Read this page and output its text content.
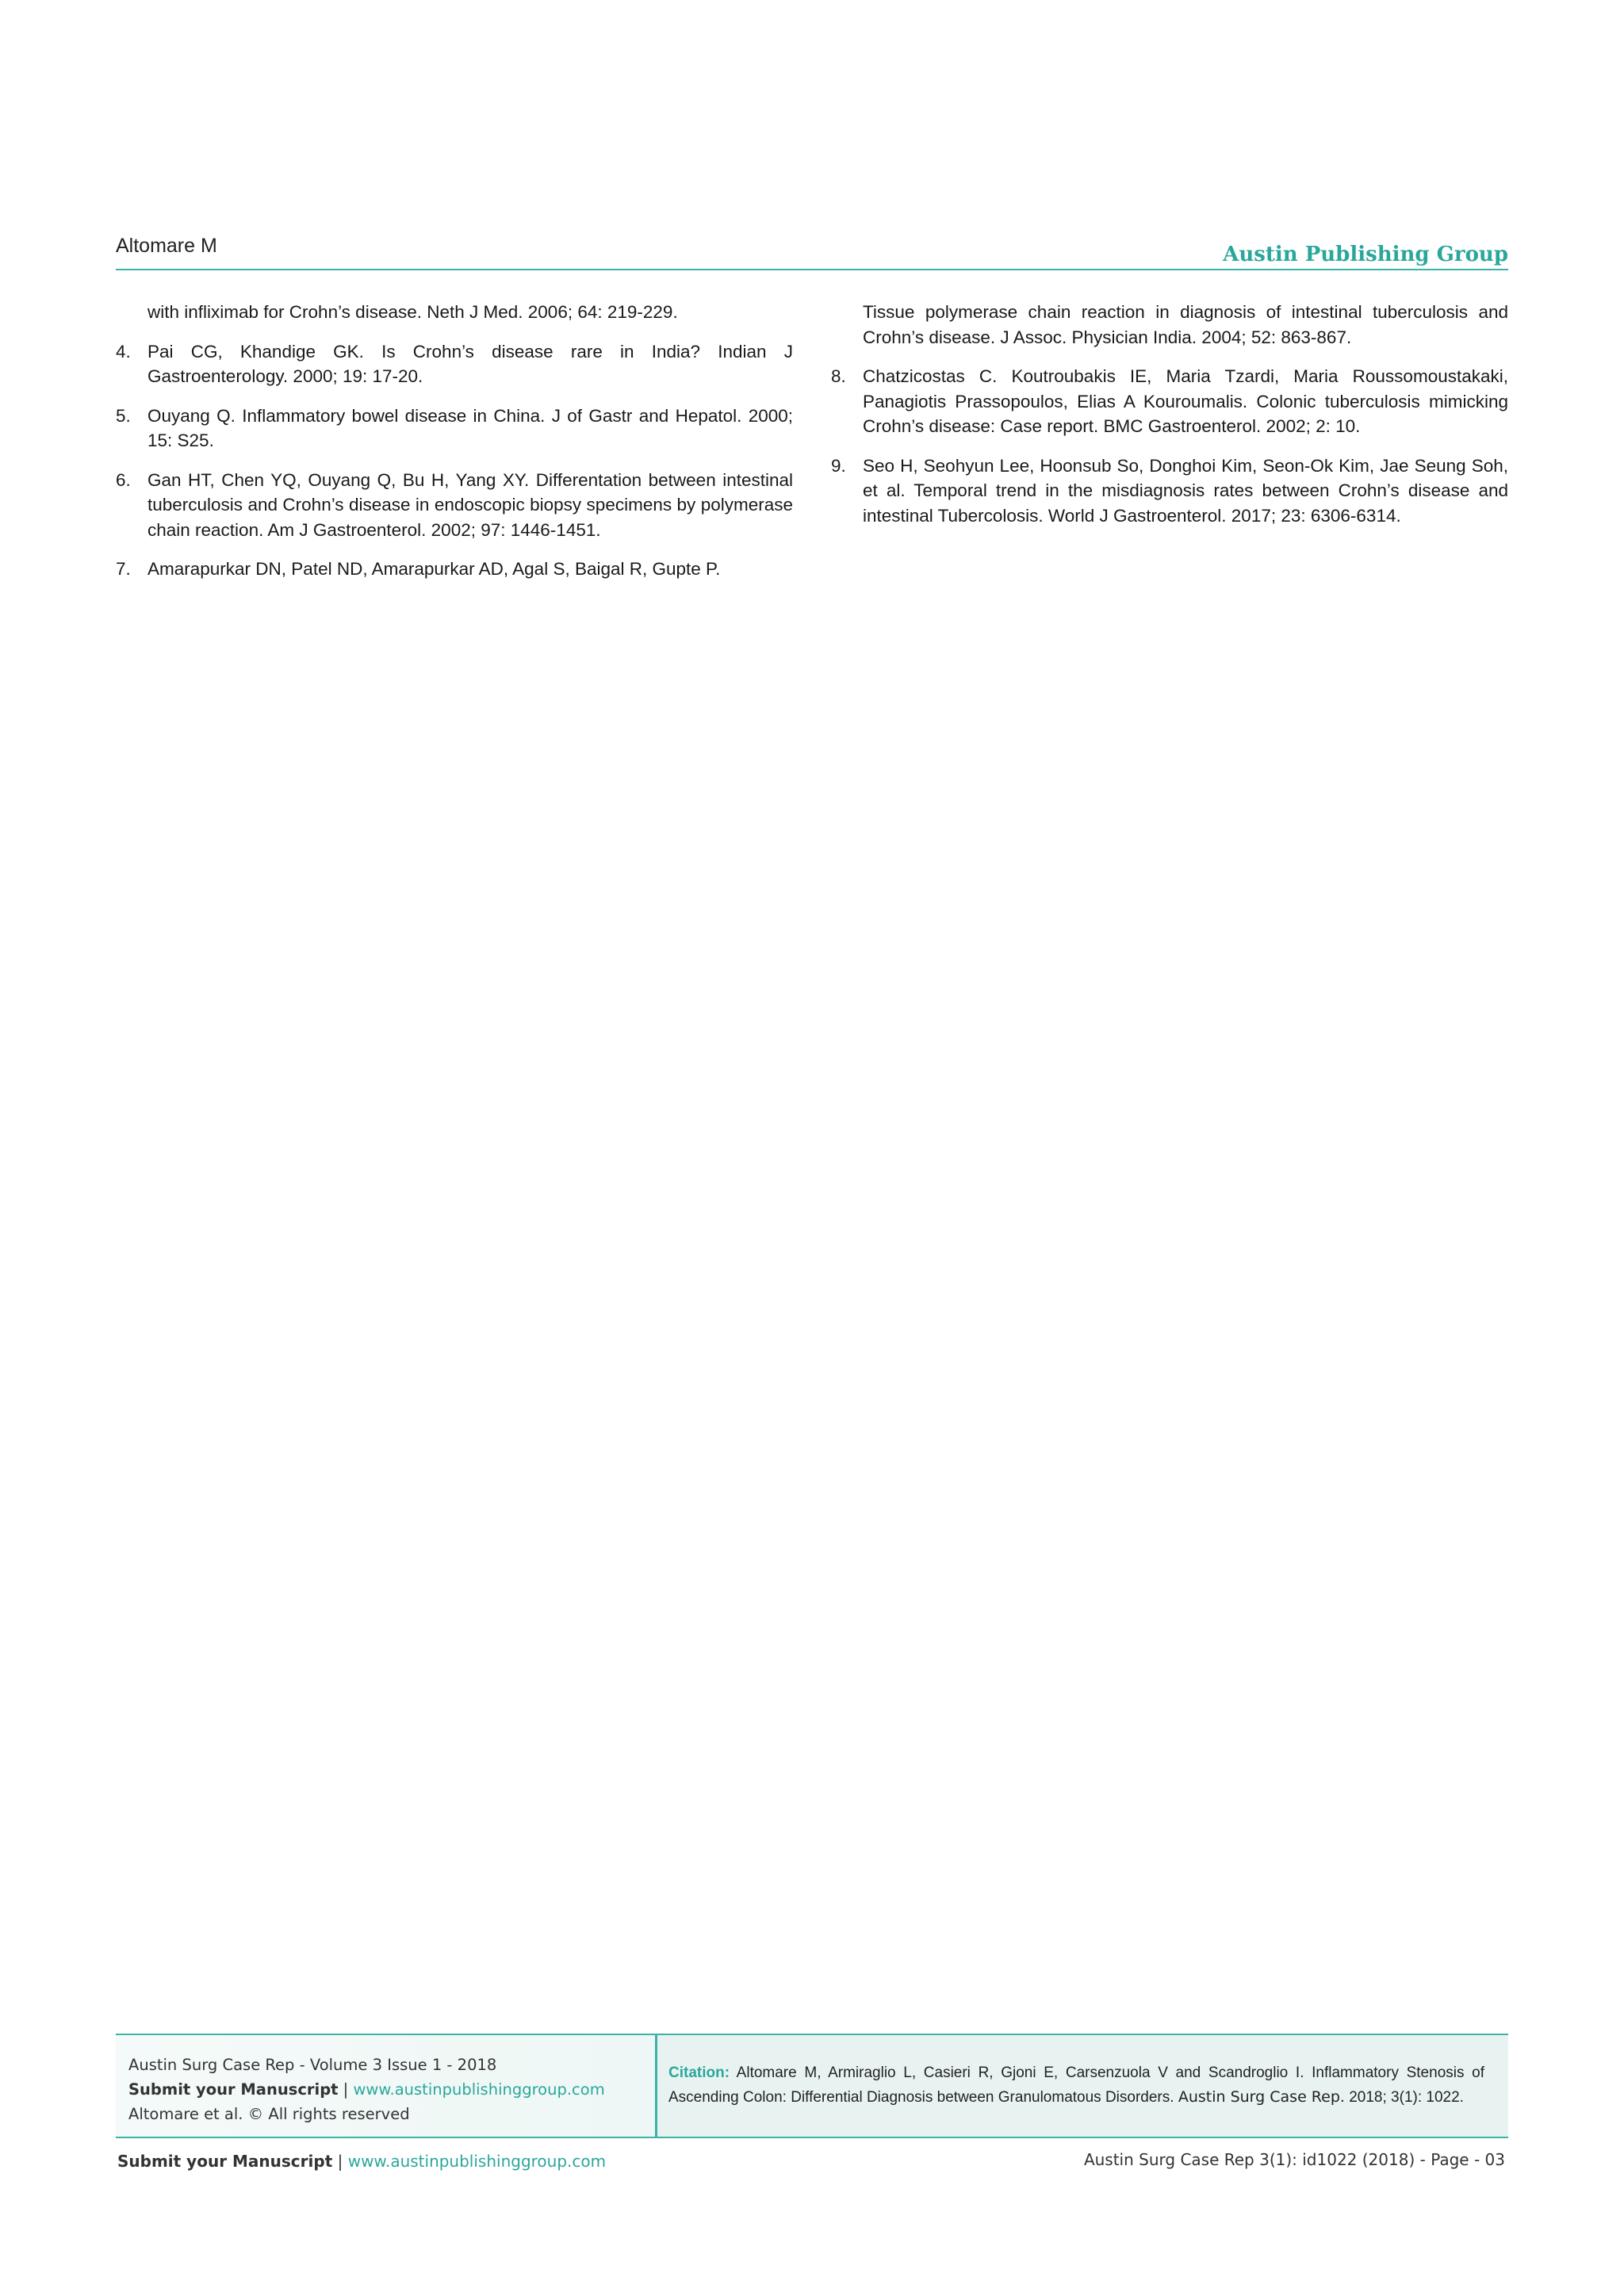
Altomare M	Austin Publishing Group
with infliximab for Crohn’s disease. Neth J Med. 2006; 64: 219-229.
4. Pai CG, Khandige GK. Is Crohn’s disease rare in India? Indian J Gastroenterology. 2000; 19: 17-20.
5. Ouyang Q. Inflammatory bowel disease in China. J of Gastr and Hepatol. 2000; 15: S25.
6. Gan HT, Chen YQ, Ouyang Q, Bu H, Yang XY. Differentation between intestinal tuberculosis and Crohn’s disease in endoscopic biopsy specimens by polymerase chain reaction. Am J Gastroenterol. 2002; 97: 1446-1451.
7. Amarapurkar DN, Patel ND, Amarapurkar AD, Agal S, Baigal R, Gupte P.
Tissue polymerase chain reaction in diagnosis of intestinal tuberculosis and Crohn’s disease. J Assoc. Physician India. 2004; 52: 863-867.
8. Chatzicostas C. Koutroubakis IE, Maria Tzardi, Maria Roussomoustakaki, Panagiotis Prassopoulos, Elias A Kouroumalis. Colonic tuberculosis mimicking Crohn’s disease: Case report. BMC Gastroenterol. 2002; 2: 10.
9. Seo H, Seohyun Lee, Hoonsub So, Donghoi Kim, Seon-Ok Kim, Jae Seung Soh, et al. Temporal trend in the misdiagnosis rates between Crohn’s disease and intestinal Tubercolosis. World J Gastroenterol. 2017; 23: 6306-6314.
Austin Surg Case Rep - Volume 3 Issue 1 - 2018
Submit your Manuscript | www.austinpublishinggroup.com
Altomare et al. © All rights reserved
Citation: Altomare M, Armiraglio L, Casieri R, Gjoni E, Carsenzuola V and Scandroglio I. Inflammatory Stenosis of Ascending Colon: Differential Diagnosis between Granulomatous Disorders. Austin Surg Case Rep. 2018; 3(1): 1022.
Submit your Manuscript | www.austinpublishinggroup.com	Austin Surg Case Rep 3(1): id1022 (2018) - Page - 03
